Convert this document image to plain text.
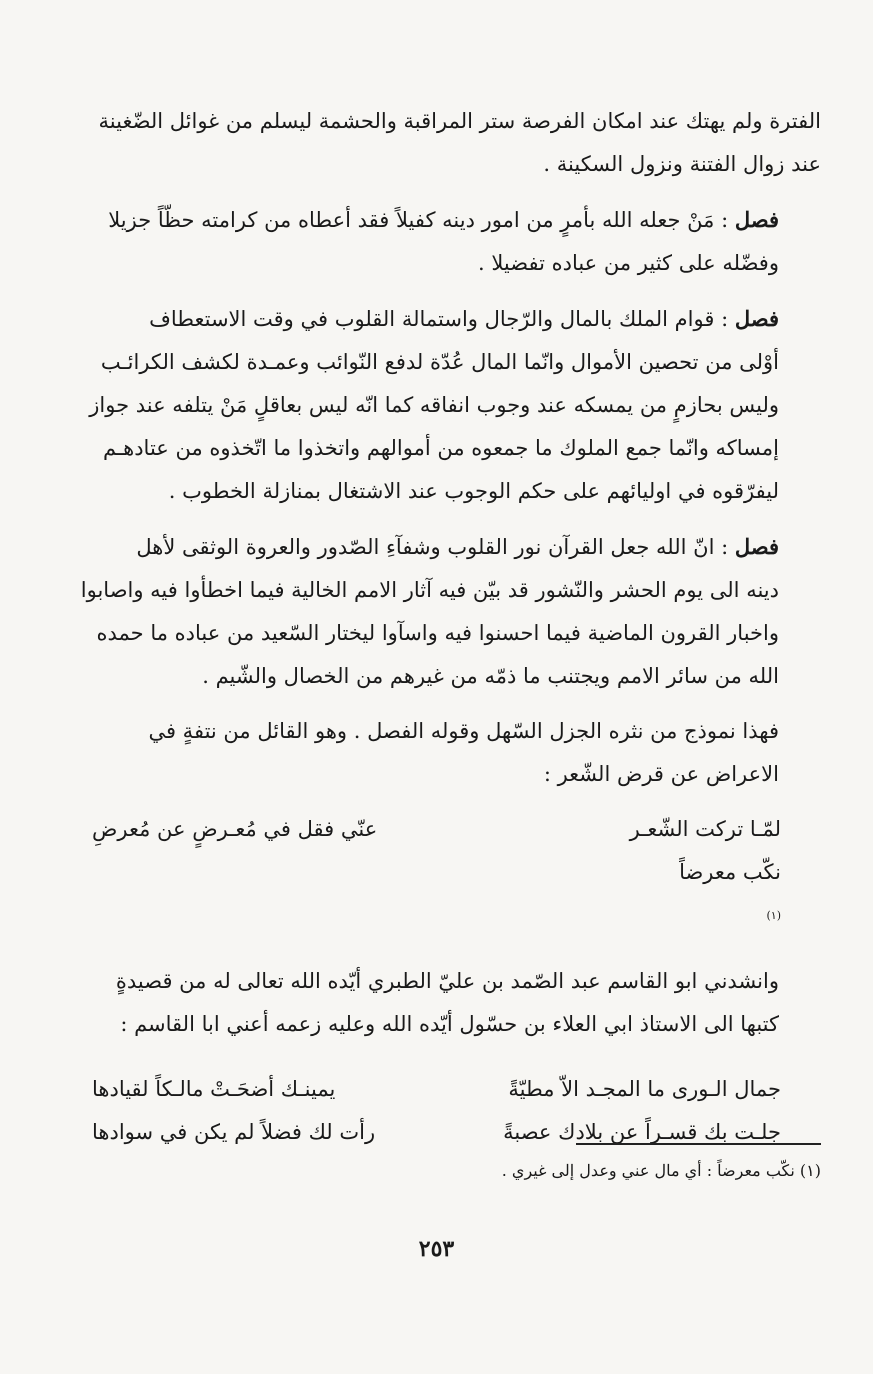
الفترة ولم يهتك عند امكان الفرصة ستر المراقبة والحشمة ليسلم من غوائل الضّغينة
عند زوال الفتنة ونزول السكينة .

فصل : مَنْ جعله الله بأمرٍ من امور دينه كفيلاً فقد أعطاه من كرامته حظّاً جزيلا
وفضّله على كثير من عباده تفضيلا .

فصل : قوام الملك بالمال والرّجال واستمالة القلوب في وقت الاستعطاف
أوْلى من تحصين الأموال وانّما المال عُدّة لدفع النّوائب وعمـدة لكشف الكرائـب
وليس بحازمٍ من يمسكه عند وجوب انفاقه كما انّه ليس بعاقلٍ مَنْ يتلفه عند جواز
إمساكه وانّما جمع الملوك ما جمعوه من أموالهم واتخذوا ما اتّخذوه من عتادهـم
ليفرّقوه في اوليائهم على حكم الوجوب عند الاشتغال بمنازلة الخطوب .

فصل : انّ الله جعل القرآن نور القلوب وشفآءِ الصّدور والعروة الوثقى لأهل
دينه الى يوم الحشر والنّشور قد بيّن فيه آثار الامم الخالية فيما اخطأوا فيه واصابوا
واخبار القرون الماضية فيما احسنوا فيه واسآوا ليختار السّعيد من عباده ما حمده
الله من سائر الامم ويجتنب ما ذمّه من غيرهم من الخصال والشّيم .

فهذا نموذج من نثره الجزل السّهل وقوله الفصل . وهو القائل من نتفةٍ في
الاعراض عن قرض الشّعر :

لمّـا تركت الشّعـر نكّب معرضاً
$^{(١)}$
عنّي فقل في مُعـرضٍ عن مُعرضِ

وانشدني ابو القاسم عبد الصّمد بن عليّ الطبري أيّده الله تعالى له من قصيدةٍ
كتبها الى الاستاذ ابي العلاء بن حسّول أيّده الله وعليه زعمه أعني ابا القاسم :

جمال الـورى ما المجـد الاّ مطيّةً
يمينـك أضحَـتْ مالـكاً لقيادها
جلـت بك قسـراً عن بلادك عصبةً
رأت لك فضلاً لم يكن في سوادها
(١) نكّب معرضاً : أي مال عني وعدل إلى غيري .
٢٥٣
